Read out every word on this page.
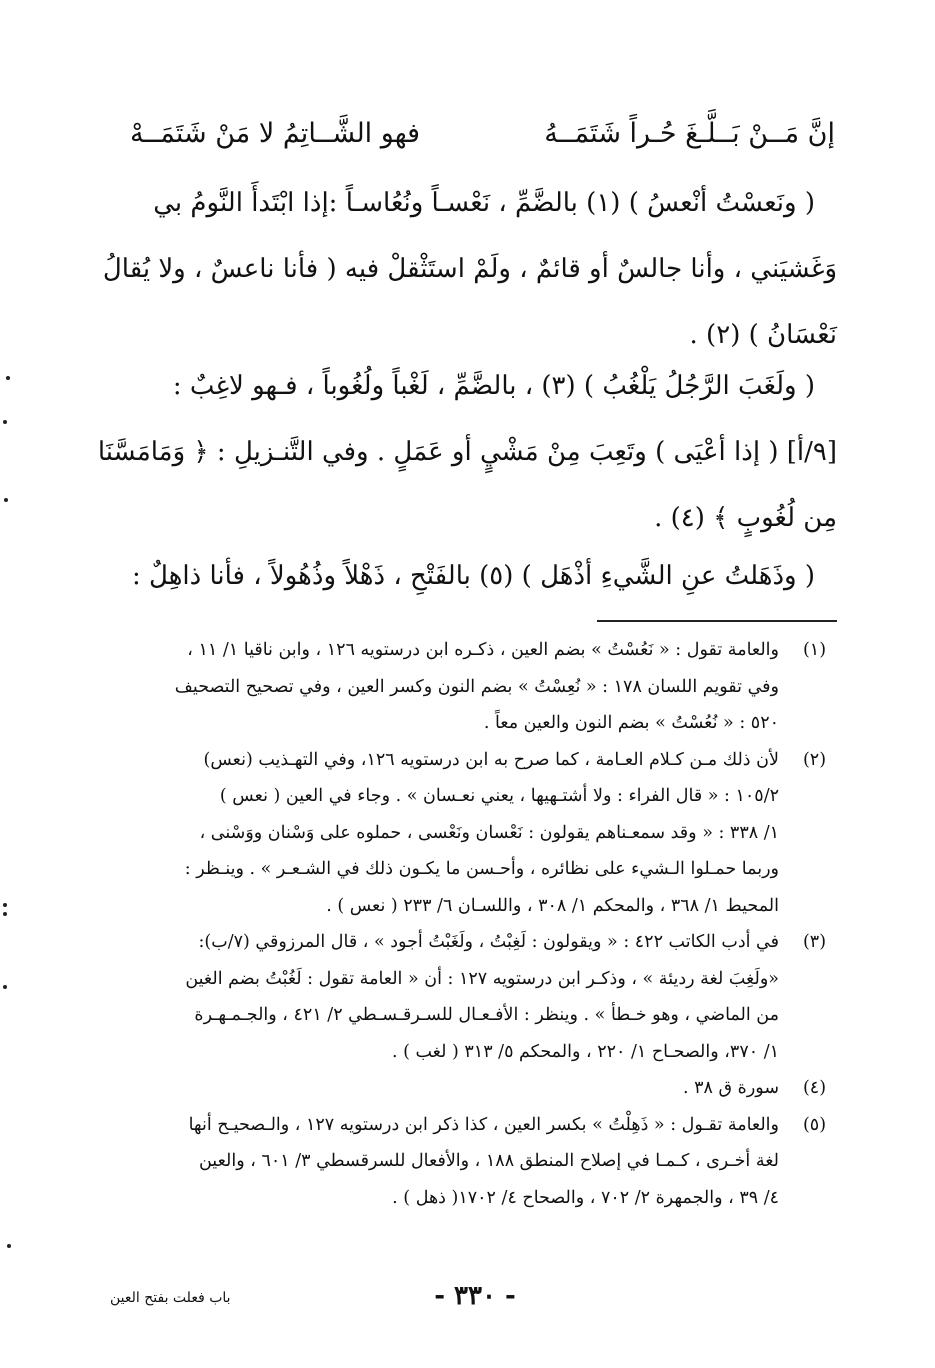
إنَّ مَــنْ بَــلَّـغَ حُـراً شَتَمَــهُ
فهو الشَّــاتِمُ لا مَنْ شَتَمَــهْ
( ونَعسْتُ أنْعسُ ) (١) بالضَّمِّ ، نَعْسـاً ونُعُاسـاً :إذا ابْتَدأَ النَّومُ بي
وَغَشيَني ، وأنا جالسٌ أو قائمٌ ، ولَمْ استَثْقلْ فيه ( فأنا ناعسٌ ، ولا يُقالُ
نَعْسَانُ ) (٢) .
( ولَغَبَ الرَّجُلُ يَلْغُبُ ) (٣) ، بالضَّمِّ ، لَغْباً ولُغُوباً ، فـهو لاغِبٌ :
[٩/أ] ( إذا أعْيَى ) وتَعِبَ مِنْ مَشْيٍ أو عَمَلٍ . وفي التَّنـزيلِ : ﴿ وَمَامَسَّنَا
مِن لُغُوبٍ ﴾ (٤) .
( وذَهَلتُ عنِ الشَّيءِ أذْهَل ) (٥) بالفَتْحِ ، ذَهْلاً وذُهُولاً ، فأنا ذاهِلٌ :
(١)
والعامة تقول : « نَعُسْتُ » بضم العين ، ذكـره ابن درستويه ١٢٦ ، وابن ناقيا ١/ ١١ ،
وفي تقويم اللسان ١٧٨ : « نُعِسْتُ » بضم النون وكسر العين ، وفي تصحيح التصحيف
٥٢٠ : « نُعُسْتُ » بضم النون والعين معاً .
(٢)
لأن ذلك مـن كـلام العـامة ، كما صرح به ابن درستويه ١٢٦، وفي التهـذيب (نعس)
١٠٥/٢ : « قال الفراء : ولا أشتـهيها ، يعني نعـسان » . وجاء في العين ( نعس )
١/ ٣٣٨ : « وقد سمعـناهم يقولون : نَعْسان ونَعْسى ، حملوه على وَسْنان ووَسْنى ،
وربما حمـلوا الـشيء على نظائره ، وأحـسن ما يكـون ذلك في الشـعـر » . وينـظر :
المحيط ١/ ٣٦٨ ، والمحكم ١/ ٣٠٨ ، واللسـان ٦/ ٢٣٣ ( نعس ) .
(٣)
في أدب الكاتب ٤٢٢ : « ويقولون : لَغِبْتُ ، ولَغَبْتُ أجود » ، قال المرزوقي (٧/ب):
«ولَغِبَ لغة رديئة » ، وذكـر ابن درستويه ١٢٧ : أن « العامة تقول : لَغُبْتُ بضم الغين
من الماضي ، وهو خـطأ » . وينظر : الأفـعـال للسـرقـسـطي ٢/ ٤٢١ ، والجـمـهـرة
١/ ٣٧٠، والصحـاح ١/ ٢٢٠ ، والمحكم ٥/ ٣١٣ ( لغب ) .
(٤)
سورة ق ٣٨ .
(٥)
والعامة تقـول : « ذَهِلْتُ » بكسر العين ، كذا ذكر ابن درستويه ١٢٧ ، والـصحيـح أنها
لغة أخـرى ، كـمـا في إصلاح المنطق ١٨٨ ، والأفعال للسرقسطي ٣/ ٦٠١ ، والعين
٤/ ٣٩ ، والجمهرة ٢/ ٧٠٢ ، والصحاح ٤/ ١٧٠٢( ذهل ) .
باب فعلت بفتح العين	- ٣٣٠ -
